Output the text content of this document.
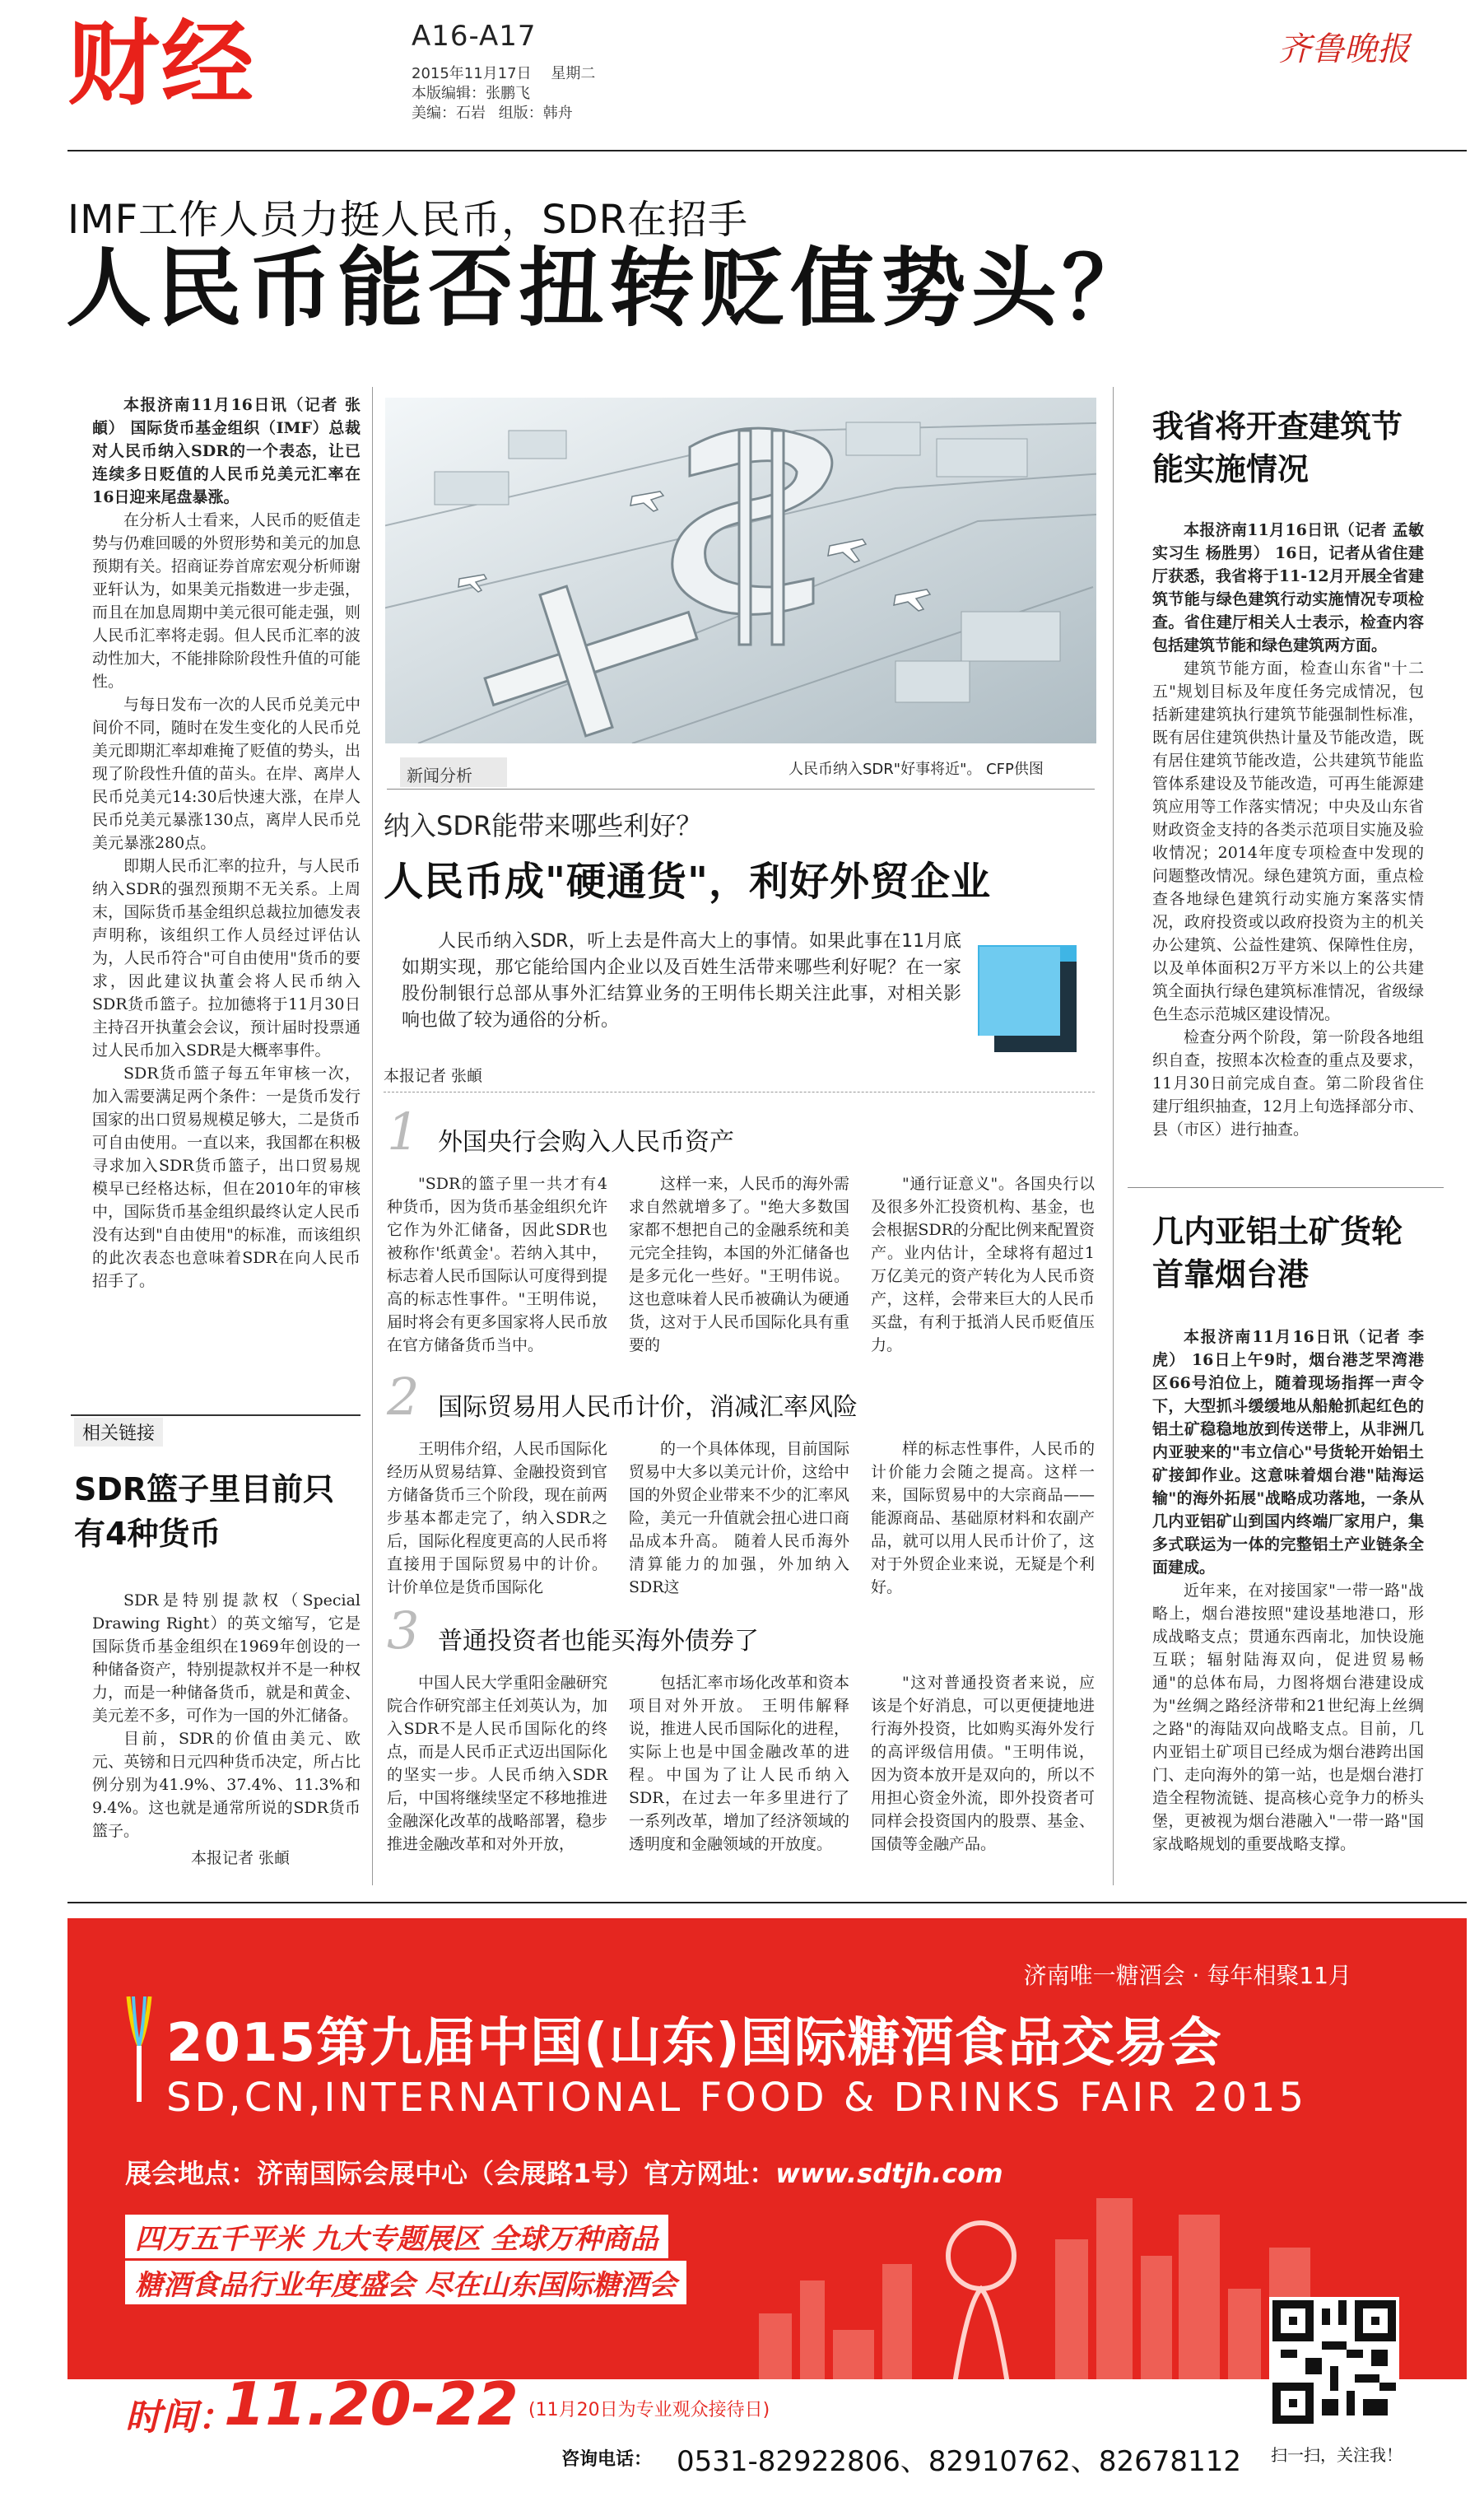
财经	A16-A17
2015年11月17日 星期二
本版编辑：张鹏飞
美编：石岩 组版：韩舟
齐鲁晚报
IMF工作人员力挺人民币，SDR在招手
人民币能否扭转贬值势头？

本报济南11月16日讯（记者 张頔） 国际货币基金组织（IMF）总裁对人民币纳入SDR的一个表态，让已连续多日贬值的人民币兑美元汇率在16日迎来尾盘暴涨。

在分析人士看来，人民币的贬值走势与仍难回暖的外贸形势和美元的加息预期有关。招商证券首席宏观分析师谢亚轩认为，如果美元指数进一步走强，而且在加息周期中美元很可能走强，则人民币汇率将走弱。但人民币汇率的波动性加大，不能排除阶段性升值的可能性。

与每日发布一次的人民币兑美元中间价不同，随时在发生变化的人民币兑美元即期汇率却难掩了贬值的势头，出现了阶段性升值的苗头。在岸、离岸人民币兑美元14:30后快速大涨，在岸人民币兑美元暴涨130点，离岸人民币兑美元暴涨280点。

即期人民币汇率的拉升，与人民币纳入SDR的强烈预期不无关系。上周末，国际货币基金组织总裁拉加德发表声明称，该组织工作人员经过评估认为，人民币符合"可自由使用"货币的要求，因此建议执董会将人民币纳入SDR货币篮子。拉加德将于11月30日主持召开执董会会议，预计届时投票通过人民币加入SDR是大概率事件。

SDR货币篮子每五年审核一次，加入需要满足两个条件：一是货币发行国家的出口贸易规模足够大，二是货币可自由使用。一直以来，我国都在积极寻求加入SDR货币篮子，出口贸易规模早已经格达标，但在2010年的审核中，国际货币基金组织最终认定人民币没有达到"自由使用"的标准，而该组织的此次表态也意味着SDR在向人民币招手了。

相关链接
SDR篮子里目前只有4种货币

SDR是特别提款权（Special Drawing Right）的英文缩写，它是国际货币基金组织在1969年创设的一种储备资产，特别提款权并不是一种权力，而是一种储备货币，就是和黄金、美元差不多，可作为一国的外汇储备。

目前，SDR的价值由美元、欧元、英镑和日元四种货币决定，所占比例分别为41.9%、37.4%、11.3%和9.4%。这也就是通常所说的SDR货币篮子。

本报记者 张頔
人民币纳入SDR"好事将近"。 CFP供图
新闻分析
纳入SDR能带来哪些利好？
人民币成"硬通货"，利好外贸企业

人民币纳入SDR，听上去是件高大上的事情。如果此事在11月底如期实现，那它能给国内企业以及百姓生活带来哪些利好呢？在一家股份制银行总部从事外汇结算业务的王明伟长期关注此事，对相关影响也做了较为通俗的分析。

本报记者 张頔
1 外国央行会购入人民币资产

"SDR的篮子里一共才有4种货币，因为货币基金组织允许它作为外汇储备，因此SDR也被称作'纸黄金'。若纳入其中，标志着人民币国际认可度得到提高的标志性事件。"王明伟说，届时将会有更多国家将人民币放在官方储备货币当中。

这样一来，人民币的海外需求自然就增多了。"绝大多数国家都不想把自己的金融系统和美元完全挂钩，本国的外汇储备也是多元化一些好。"王明伟说。 这也意味着人民币被确认为硬通货，这对于人民币国际化具有重要的

"通行证意义"。各国央行以及很多外汇投资机构、基金，也会根据SDR的分配比例来配置资产。业内估计，全球将有超过1万亿美元的资产转化为人民币资产，这样，会带来巨大的人民币买盘，有利于抵消人民币贬值压力。

2 国际贸易用人民币计价，消减汇率风险

王明伟介绍，人民币国际化经历从贸易结算、金融投资到官方储备货币三个阶段，现在前两步基本都走完了，纳入SDR之后，国际化程度更高的人民币将直接用于国际贸易中的计价。 计价单位是货币国际化

的一个具体体现，目前国际贸易中大多以美元计价，这给中国的外贸企业带来不少的汇率风险，美元一升值就会扭心进口商品成本升高。 随着人民币海外清算能力的加强，外加纳入SDR这

样的标志性事件，人民币的计价能力会随之提高。这样一来，国际贸易中的大宗商品——能源商品、基础原材料和农副产品，就可以用人民币计价了，这对于外贸企业来说，无疑是个利好。

3 普通投资者也能买海外债券了

中国人民大学重阳金融研究院合作研究部主任刘英认为，加入SDR不是人民币国际化的终点，而是人民币正式迈出国际化的坚实一步。人民币纳入SDR后，中国将继续坚定不移地推进金融深化改革的战略部署，稳步推进金融改革和对外开放，

包括汇率市场化改革和资本项目对外开放。 王明伟解释说，推进人民币国际化的进程，实际上也是中国金融改革的进程。中国为了让人民币纳入SDR，在过去一年多里进行了一系列改革，增加了经济领域的透明度和金融领域的开放度。

"这对普通投资者来说，应该是个好消息，可以更便捷地进行海外投资，比如购买海外发行的高评级信用债。"王明伟说，因为资本放开是双向的，所以不用担心资金外流，即外投资者可同样会投资国内的股票、基金、国债等金融产品。

我省将开查建筑节能实施情况

本报济南11月16日讯（记者 孟敏 实习生 杨胜男） 16日，记者从省住建厅获悉，我省将于11-12月开展全省建筑节能与绿色建筑行动实施情况专项检查。省住建厅相关人士表示，检查内容包括建筑节能和绿色建筑两方面。

建筑节能方面，检查山东省"十二五"规划目标及年度任务完成情况，包括新建建筑执行建筑节能强制性标准，既有居住建筑供热计量及节能改造，既有居住建筑节能改造，公共建筑节能监管体系建设及节能改造，可再生能源建筑应用等工作落实情况；中央及山东省财政资金支持的各类示范项目实施及验收情况；2014年度专项检查中发现的问题整改情况。绿色建筑方面，重点检查各地绿色建筑行动实施方案落实情况，政府投资或以政府投资为主的机关办公建筑、公益性建筑、保障性住房，以及单体面积2万平方米以上的公共建筑全面执行绿色建筑标准情况，省级绿色生态示范城区建设情况。

检查分两个阶段，第一阶段各地组织自查，按照本次检查的重点及要求，11月30日前完成自查。第二阶段省住建厅组织抽查，12月上旬选择部分市、县（市区）进行抽查。

几内亚铝土矿货轮首靠烟台港

本报济南11月16日讯（记者 李虎） 16日上午9时，烟台港芝罘湾港区66号泊位上，随着现场指挥一声令下，大型抓斗缓缓地从船舱抓起红色的铝土矿稳稳地放到传送带上，从非洲几内亚驶来的"韦立信心"号货轮开始铝土矿接卸作业。这意味着烟台港"陆海运输"的海外拓展"战略成功落地，一条从几内亚铝矿山到国内终端厂家用户，集多式联运为一体的完整铝土产业链条全面建成。

近年来，在对接国家"一带一路"战略上，烟台港按照"建设基地港口，形成战略支点；贯通东西南北，加快设施互联；辐射陆海双向，促进贸易畅通"的总体布局，力图将烟台港建设成为"丝绸之路经济带和21世纪海上丝绸之路"的海陆双向战略支点。目前，几内亚铝土矿项目已经成为烟台港跨出国门、走向海外的第一站，也是烟台港打造全程物流链、提高核心竞争力的桥头堡，更被视为烟台港融入"一带一路"国家战略规划的重要战略支撑。

济南唯一糖酒会 · 每年相聚11月
2015第九届中国(山东)国际糖酒食品交易会
SD,CN,INTERNATIONAL FOOD & DRINKS FAIR 2015
展会地点：济南国际会展中心（会展路1号）官方网址：www.sdtjh.com
四万五千平米 九大专题展区 全球万种商品
糖酒食品行业年度盛会 尽在山东国际糖酒会
时间：
11.20-22 (11月20日为专业观众接待日)
咨询电话： 0531-82922806、82910762、82678112 扫一扫，关注我！
